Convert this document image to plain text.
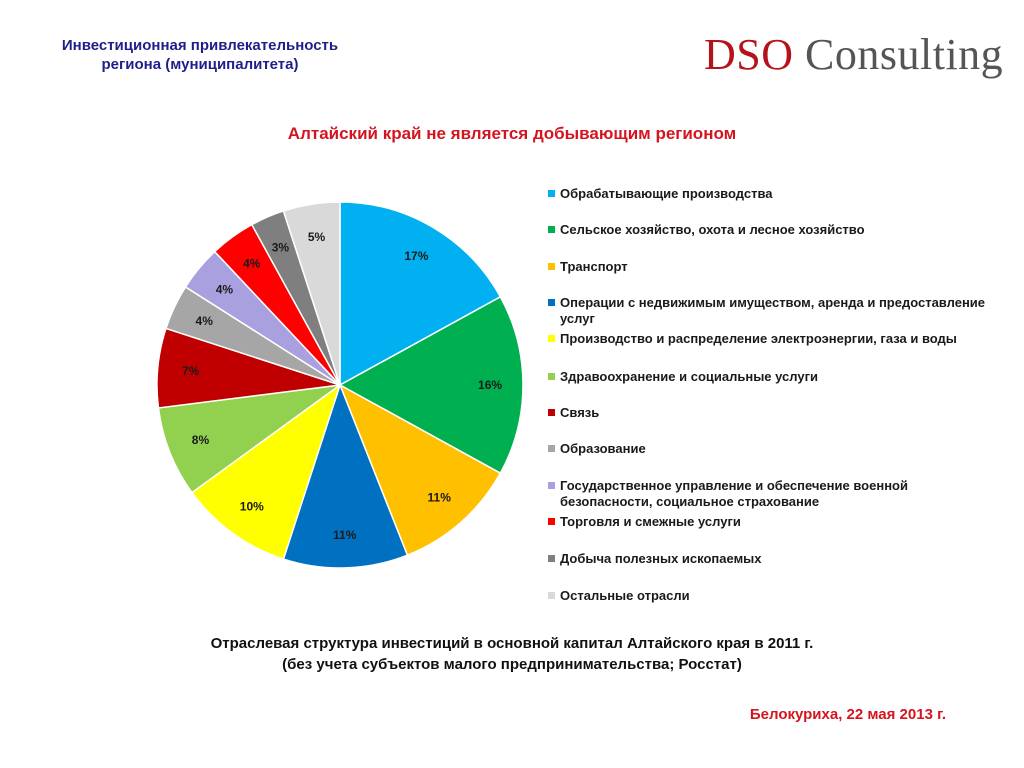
Инвестиционная привлекательность
региона (муниципалитета)	DSO Consulting
Алтайский край не является добывающим регионом
17%
16%
11%
11%
10%
8%
7%
4%
4%
4%
3%
5%
Обрабатывающие производства
Сельское хозяйство, охота и лесное хозяйство
Транспорт
Операции с недвижимым имуществом, аренда и предоставление услуг
Производство и распределение электроэнергии, газа и воды
Здравоохранение и социальные услуги
Связь
Образование
Государственное управление и обеспечение военной безопасности, социальное страхование
Торговля и смежные услуги
Добыча полезных ископаемых
Остальные отрасли
Отраслевая структура инвестиций в основной капитал Алтайского края в 2011 г.
(без учета субъектов малого предпринимательства; Росстат)
Белокуриха, 22 мая 2013 г.
